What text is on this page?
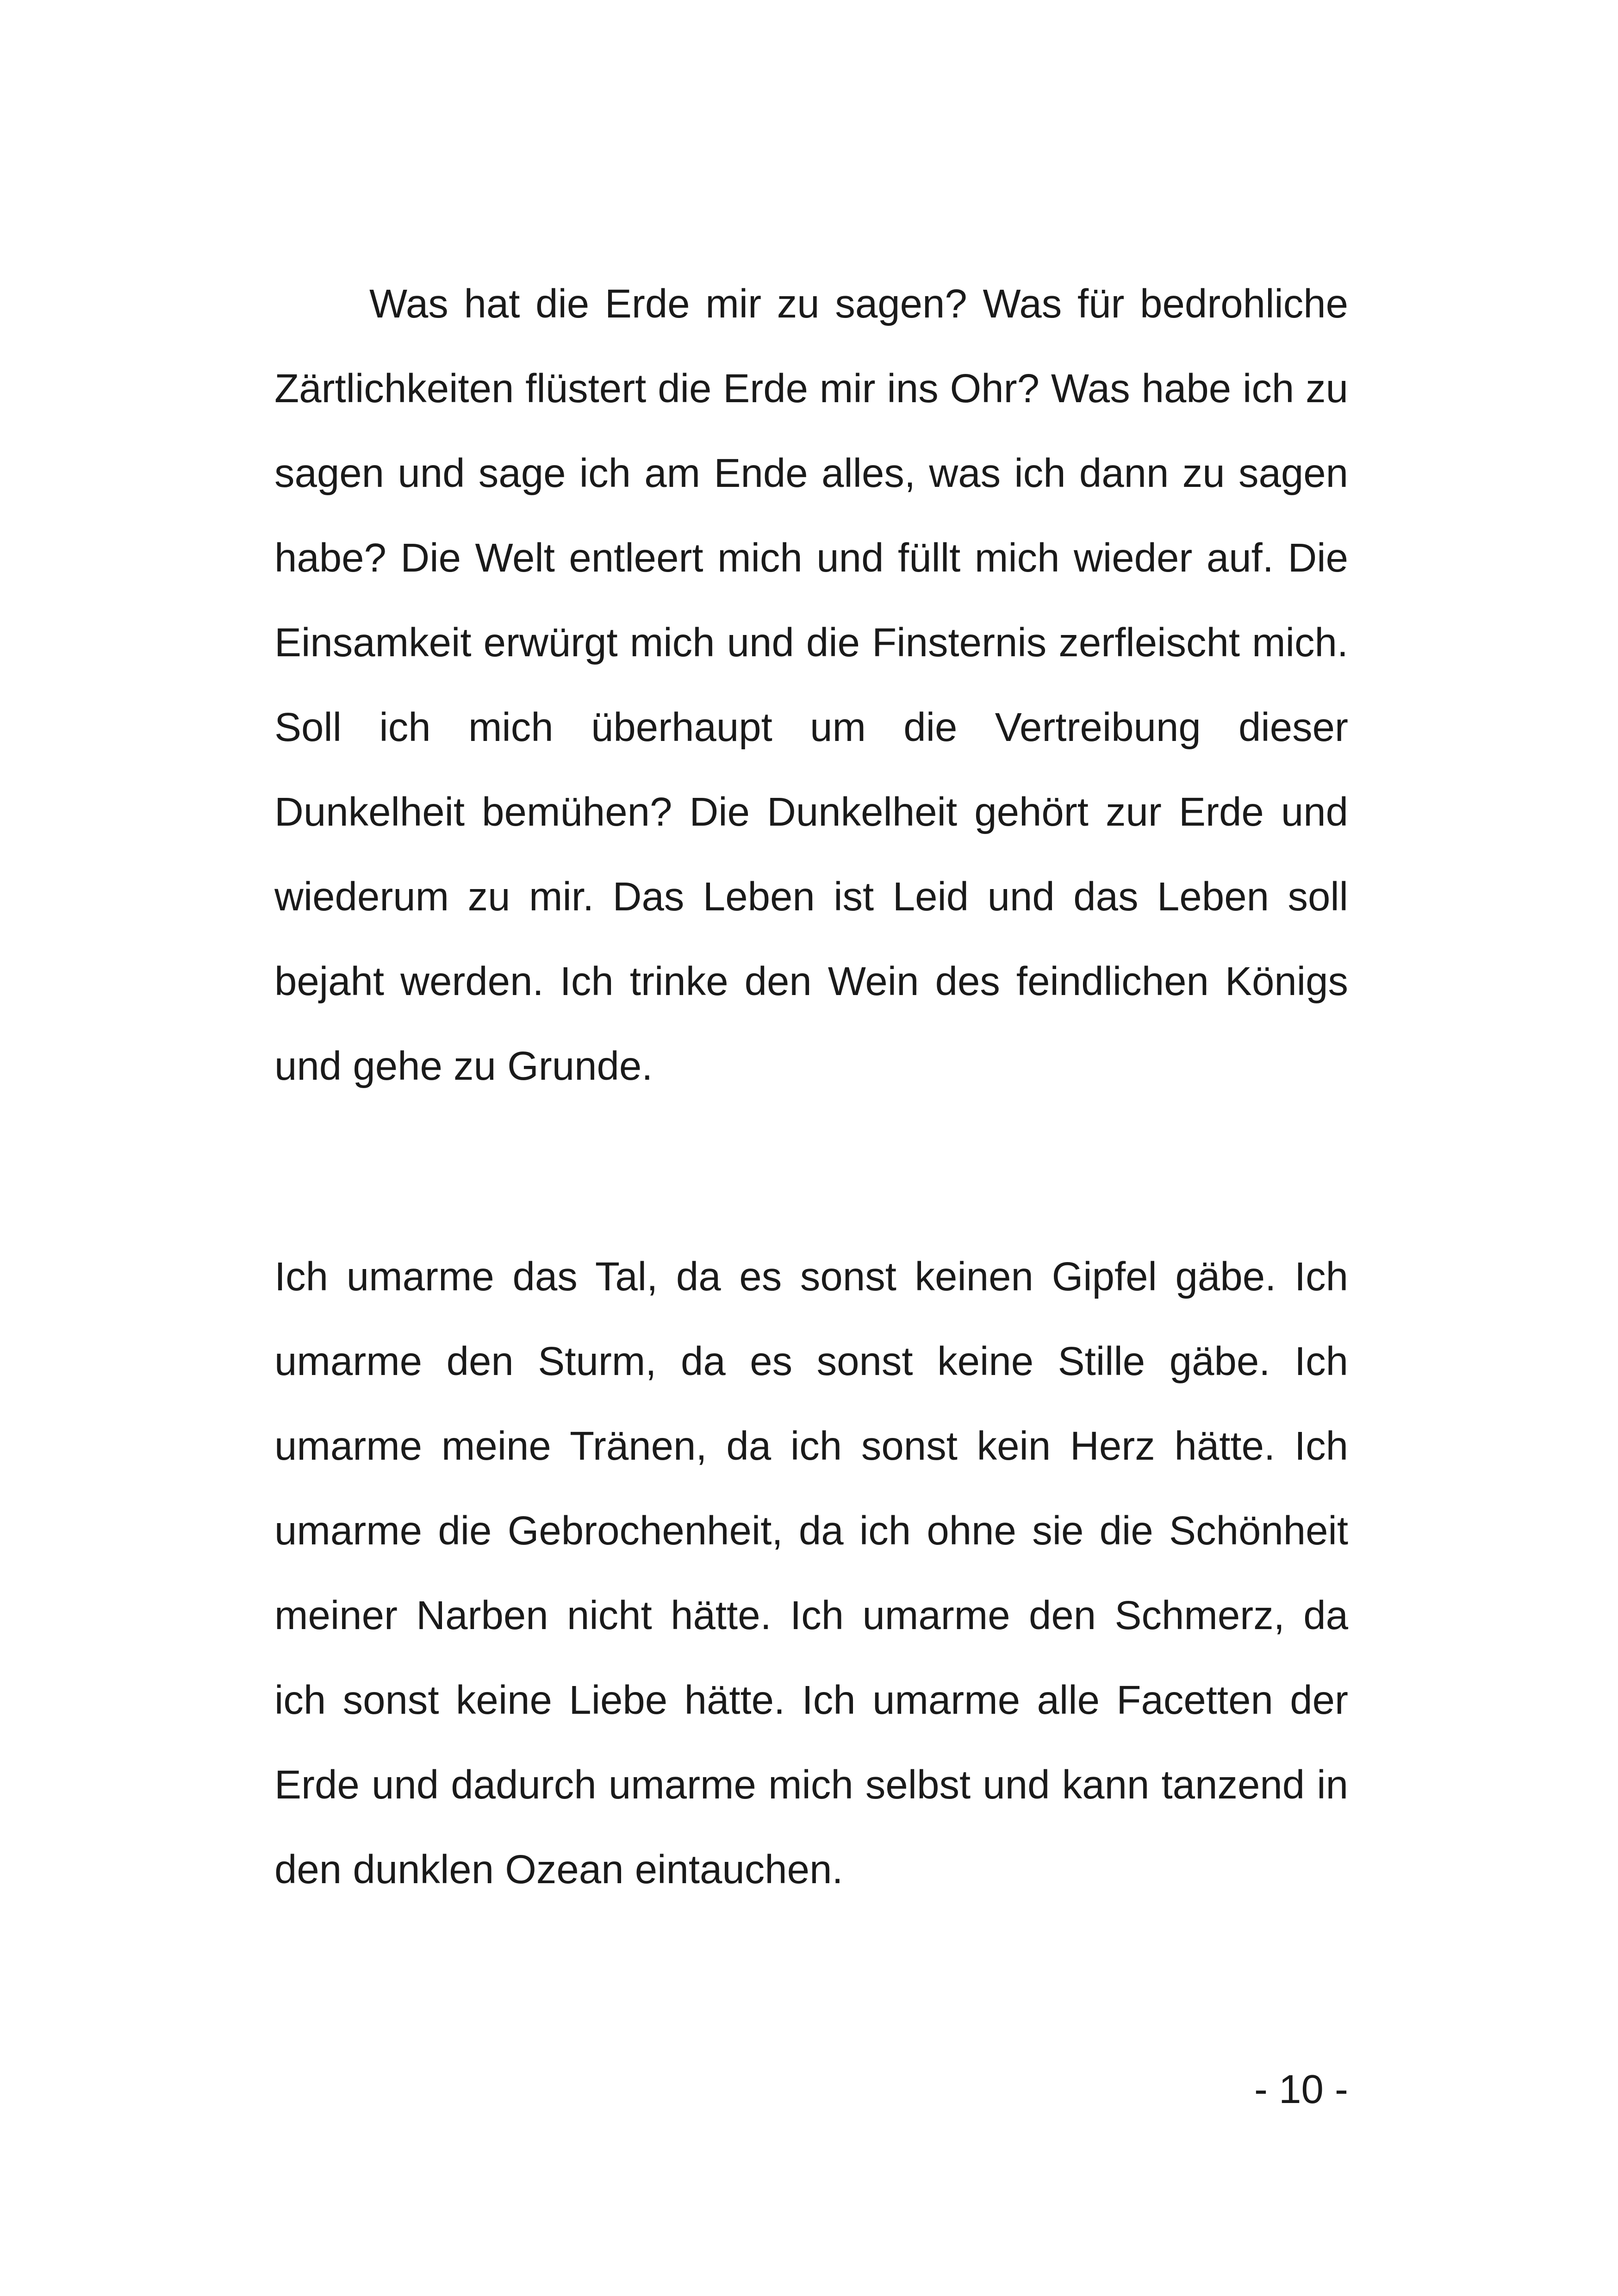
Was hat die Erde mir zu sagen? Was für bedrohliche Zärtlichkeiten flüstert die Erde mir ins Ohr? Was habe ich zu sagen und sage ich am Ende alles, was ich dann zu sagen habe? Die Welt entleert mich und füllt mich wieder auf. Die Einsamkeit erwürgt mich und die Finsternis zerfleischt mich. Soll ich mich überhaupt um die Vertreibung dieser Dunkelheit bemühen? Die Dunkelheit gehört zur Erde und wiederum zu mir. Das Leben ist Leid und das Leben soll bejaht werden. Ich trinke den Wein des feindlichen Königs und gehe zu Grunde.

Ich umarme das Tal, da es sonst keinen Gipfel gäbe. Ich umarme den Sturm, da es sonst keine Stille gäbe. Ich umarme meine Tränen, da ich sonst kein Herz hätte. Ich umarme die Gebrochenheit, da ich ohne sie die Schönheit meiner Narben nicht hätte. Ich umarme den Schmerz, da ich sonst keine Liebe hätte. Ich umarme alle Facetten der Erde und dadurch umarme mich selbst und kann tanzend in den dunklen Ozean eintauchen.

- 10 -
